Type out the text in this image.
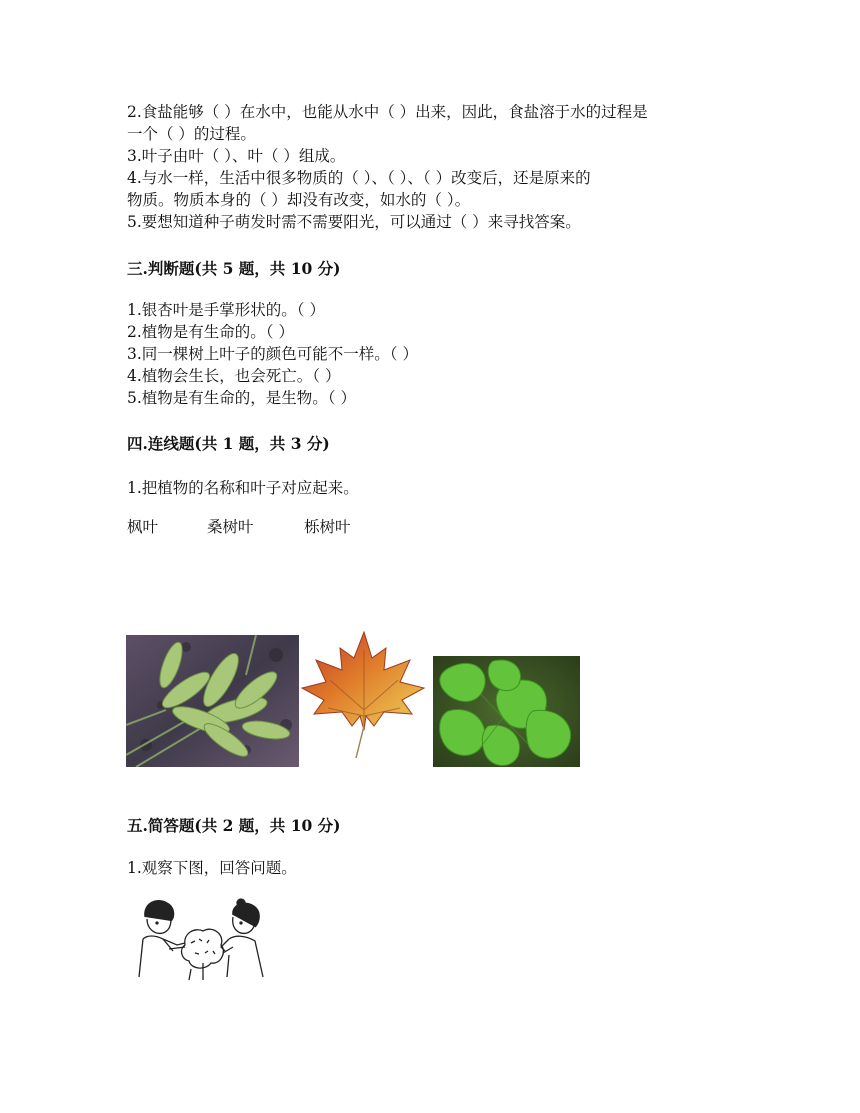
2.食盐能够（ ）在水中，也能从水中（ ）出来，因此，食盐溶于水的过程是
一个（ ）的过程。
3.叶子由叶（ ）、叶（ ）组成。
4.与水一样，生活中很多物质的（ ）、（ ）、（ ）改变后，还是原来的
物质。物质本身的（ ）却没有改变，如水的（ ）。
5.要想知道种子萌发时需不需要阳光，可以通过（ ）来寻找答案。
三.判断题(共 5 题，共 10 分)
1.银杏叶是手掌形状的。（ ）
2.植物是有生命的。（ ）
3.同一棵树上叶子的颜色可能不一样。（ ）
4.植物会生长，也会死亡。（ ）
5.植物是有生命的，是生物。（ ）
四.连线题(共 1 题，共 3 分)
1.把植物的名称和叶子对应起来。
枫叶	桑树叶	栎树叶
五.简答题(共 2 题，共 10 分)
1.观察下图，回答问题。
